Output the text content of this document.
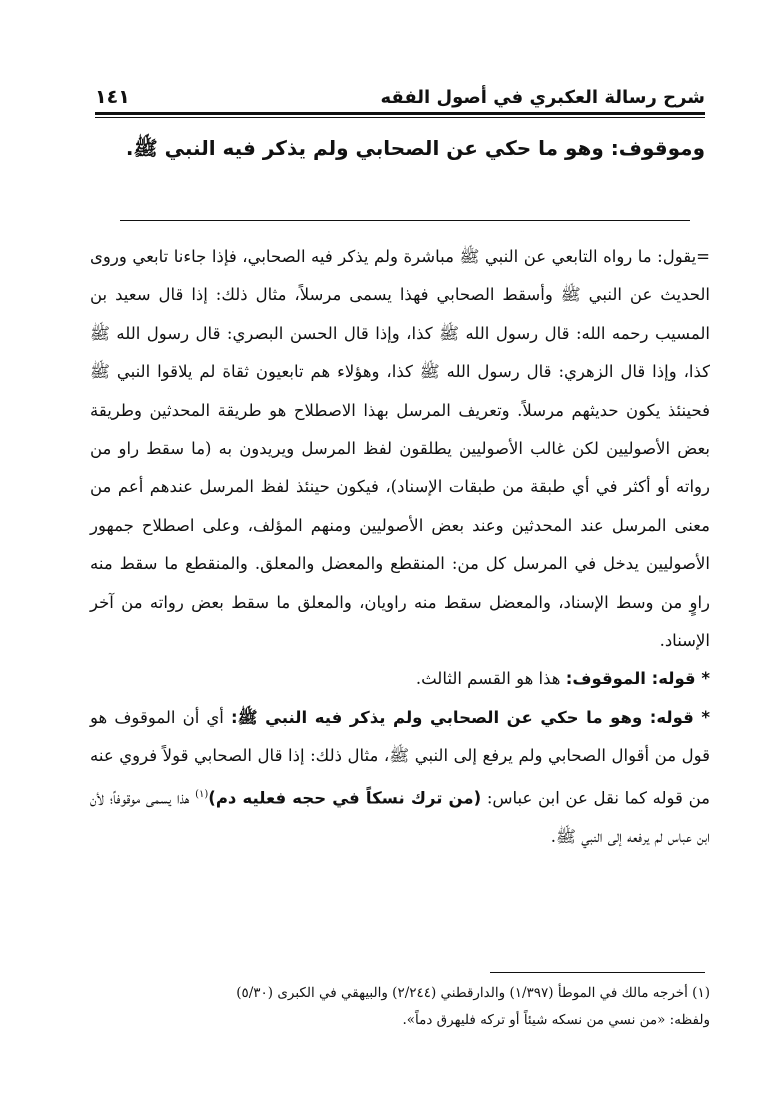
شرح رسالة العكبري في أصول الفقه
١٤١
وموقوف: وهو ما حكي عن الصحابي ولم يذكر فيه النبي ﷺ.

=يقول: ما رواه التابعي عن النبي ﷺ مباشرة ولم يذكر فيه الصحابي، فإذا جاءنا تابعي وروى الحديث عن النبي ﷺ وأسقط الصحابي فهذا يسمى مرسلاً، مثال ذلك: إذا قال سعيد بن المسيب رحمه الله: قال رسول الله ﷺ كذا، وإذا قال الحسن البصري: قال رسول الله ﷺ كذا، وإذا قال الزهري: قال رسول الله ﷺ كذا، وهؤلاء هم تابعيون ثقاة لم يلاقوا النبي ﷺ فحينئذ يكون حديثهم مرسلاً. وتعريف المرسل بهذا الاصطلاح هو طريقة المحدثين وطريقة بعض الأصوليين لكن غالب الأصوليين يطلقون لفظ المرسل ويريدون به (ما سقط راو من رواته أو أكثر في أي طبقة من طبقات الإسناد)، فيكون حينئذ لفظ المرسل عندهم أعم من معنى المرسل عند المحدثين وعند بعض الأصوليين ومنهم المؤلف، وعلى اصطلاح جمهور الأصوليين يدخل في المرسل كل من: المنقطع والمعضل والمعلق. والمنقطع ما سقط منه راوٍ من وسط الإسناد، والمعضل سقط منه راويان، والمعلق ما سقط بعض رواته من آخر الإسناد.

* قوله: الموقوف: هذا هو القسم الثالث.

* قوله: وهو ما حكي عن الصحابي ولم يذكر فيه النبي ﷺ: أي أن الموقوف هو قول من أقوال الصحابي ولم يرفع إلى النبي ﷺ، مثال ذلك: إذا قال الصحابي قولاً فروي عنه من قوله كما نقل عن ابن عباس: (من ترك نسكاً في حجه فعليه دم)$^{(١)}$ هذا يسمى موقوفاً؛ لأن ابن عباس لم يرفعه إلى النبي ﷺ.

(١) أخرجه مالك في الموطأ (١/٣٩٧) والدارقطني (٢/٢٤٤) والبيهقي في الكبرى (٥/٣٠)

ولفظه: «من نسي من نسكه شيئاً أو تركه فليهرق دماً».
